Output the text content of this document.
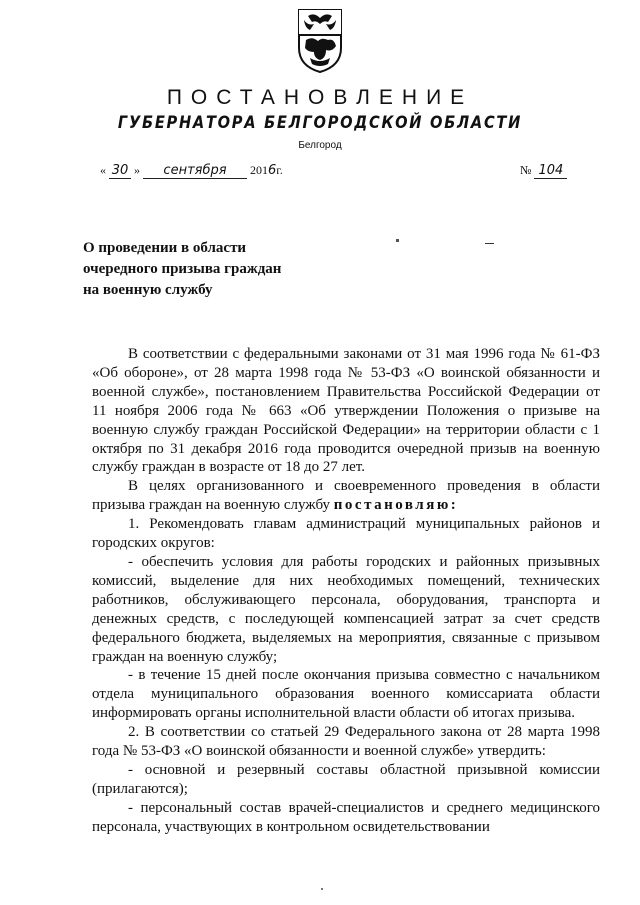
ПОСТАНОВЛЕНИЕ
ГУБЕРНАТОРА БЕЛГОРОДСКОЙ ОБЛАСТИ
Белгород
« 30 » сентября 2016г.	№ 104
О проведении в области
очередного призыва граждан
на военную службу

В соответствии с федеральными законами от 31 мая 1996 года № 61-ФЗ «Об обороне», от 28 марта 1998 года № 53-ФЗ «О воинской обязанности и военной службе», постановлением Правительства Российской Федерации от 11 ноября 2006 года № 663 «Об утверждении Положения о призыве на военную службу граждан Российской Федерации» на территории области с 1 октября по 31 декабря 2016 года проводится очередной призыв на военную службу граждан в возрасте от 18 до 27 лет.

В целях организованного и своевременного проведения в области призыва граждан на военную службу постановляю:

1. Рекомендовать главам администраций муниципальных районов и городских округов:

- обеспечить условия для работы городских и районных призывных комиссий, выделение для них необходимых помещений, технических работников, обслуживающего персонала, оборудования, транспорта и денежных средств, с последующей компенсацией затрат за счет средств федерального бюджета, выделяемых на мероприятия, связанные с призывом граждан на военную службу;

- в течение 15 дней после окончания призыва совместно с начальником отдела муниципального образования военного комиссариата области информировать органы исполнительной власти области об итогах призыва.

2. В соответствии со статьей 29 Федерального закона от 28 марта 1998 года № 53-ФЗ «О воинской обязанности и военной службе» утвердить:

- основной и резервный составы областной призывной комиссии (прилагаются);

- персональный состав врачей-специалистов и среднего медицинского персонала, участвующих в контрольном освидетельствовании
